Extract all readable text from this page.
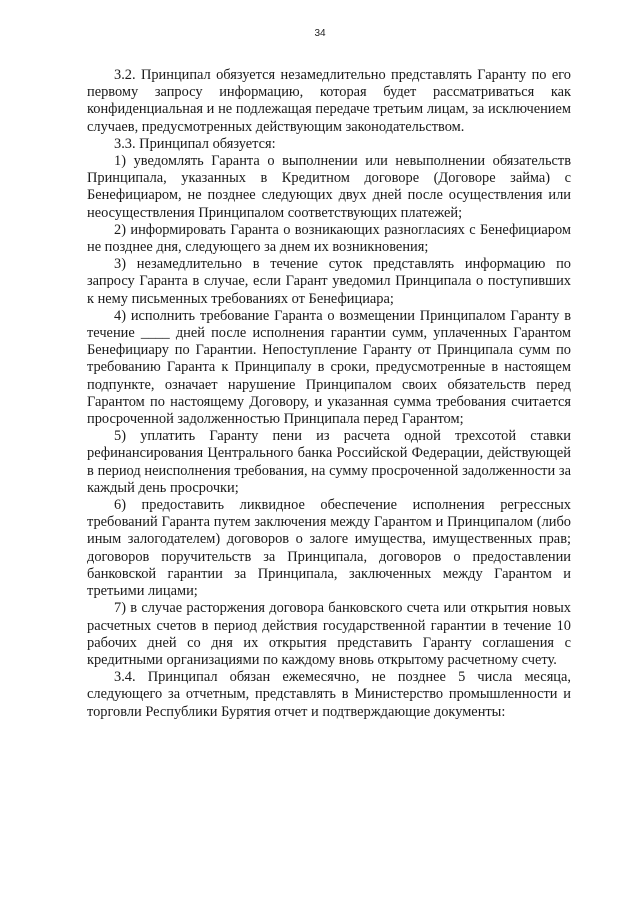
34

3.2. Принципал обязуется незамедлительно представлять Гаранту по его первому запросу информацию, которая будет рассматриваться как конфиденциальная и не подлежащая передаче третьим лицам, за исключением случаев, предусмотренных действующим законодательством.

3.3. Принципал обязуется:

1) уведомлять Гаранта о выполнении или невыполнении обязательств Принципала, указанных в Кредитном договоре (Договоре займа) с Бенефициаром, не позднее следующих двух дней после осуществления или неосуществления Принципалом соответствующих платежей;

2) информировать Гаранта о возникающих разногласиях с Бенефициаром не позднее дня, следующего за днем их возникновения;

3) незамедлительно в течение суток представлять информацию по запросу Гаранта в случае, если Гарант уведомил Принципала о поступивших к нему письменных требованиях от Бенефициара;

4) исполнить требование Гаранта о возмещении Принципалом Гаранту в течение ____ дней после исполнения гарантии сумм, уплаченных Гарантом Бенефициару по Гарантии. Непоступление Гаранту от Принципала сумм по требованию Гаранта к Принципалу в сроки, предусмотренные в настоящем подпункте, означает нарушение Принципалом своих обязательств перед Гарантом по настоящему Договору, и указанная сумма требования считается просроченной задолженностью Принципала перед Гарантом;

5) уплатить Гаранту пени из расчета одной трехсотой ставки рефинансирования Центрального банка Российской Федерации, действующей в период неисполнения требования, на сумму просроченной задолженности за каждый день просрочки;

6) предоставить ликвидное обеспечение исполнения регрессных требований Гаранта путем заключения между Гарантом и Принципалом (либо иным залогодателем) договоров о залоге имущества, имущественных прав; договоров поручительств за Принципала, договоров о предоставлении банковской гарантии за Принципала, заключенных между Гарантом и третьими лицами;

7) в случае расторжения договора банковского счета или открытия новых расчетных счетов в период действия государственной гарантии в течение 10 рабочих дней со дня их открытия представить Гаранту соглашения с кредитными организациями по каждому вновь открытому расчетному счету.

3.4. Принципал обязан ежемесячно, не позднее 5 числа месяца, следующего за отчетным, представлять в Министерство промышленности и торговли Республики Бурятия отчет и подтверждающие документы:
